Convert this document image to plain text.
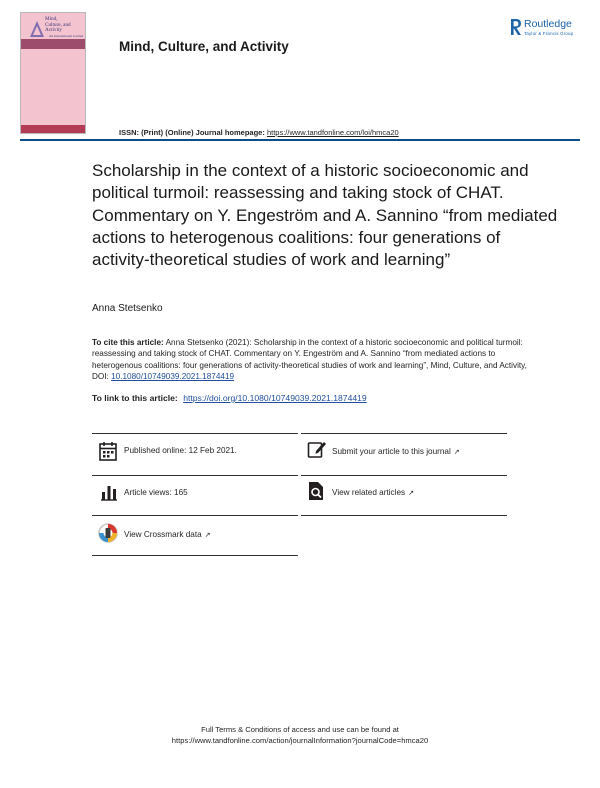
Mind,
Culture, and
Activity
An International Journal
Mind, Culture, and Activity
ISSN: (Print) (Online) Journal homepage: https://www.tandfonline.com/loi/hmca20
Routledge
Taylor & Francis Group
Scholarship in the context of a historic socioeconomic and political turmoil: reassessing and taking stock of CHAT. Commentary on Y. Engeström and A. Sannino “from mediated actions to heterogenous coalitions: four generations of activity-theoretical studies of work and learning”
Anna Stetsenko
To cite this article: Anna Stetsenko (2021): Scholarship in the context of a historic socioeconomic and political turmoil: reassessing and taking stock of CHAT. Commentary on Y. Engeström and A. Sannino “from mediated actions to heterogenous coalitions: four generations of activity-theoretical studies of work and learning”, Mind, Culture, and Activity, DOI: 10.1080/10749039.2021.1874419
To link to this article: https://doi.org/10.1080/10749039.2021.1874419
Published online: 12 Feb 2021.	Submit your article to this journal ↗
Article views: 165	View related articles ↗
View Crossmark data ↗
Full Terms & Conditions of access and use can be found at
https://www.tandfonline.com/action/journalInformation?journalCode=hmca20
